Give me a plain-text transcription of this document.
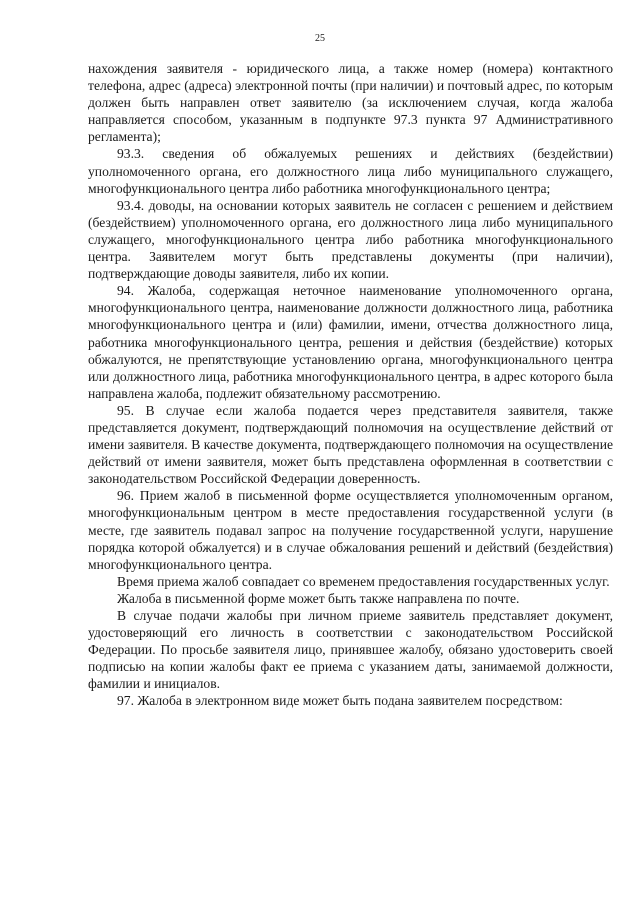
25

нахождения заявителя - юридического лица, а также номер (номера) контактного телефона, адрес (адреса) электронной почты (при наличии) и почтовый адрес, по которым должен быть направлен ответ заявителю (за исключением случая, когда жалоба направляется способом, указанным в подпункте 97.3 пункта 97 Административного регламента);

93.3. сведения об обжалуемых решениях и действиях (бездействии) уполномоченного органа, его должностного лица либо муниципального служащего, многофункционального центра либо работника многофункционального центра;

93.4. доводы, на основании которых заявитель не согласен с решением и действием (бездействием) уполномоченного органа, его должностного лица либо муниципального служащего, многофункционального центра либо работника многофункционального центра. Заявителем могут быть представлены документы (при наличии), подтверждающие доводы заявителя, либо их копии.

94. Жалоба, содержащая неточное наименование уполномоченного органа, многофункционального центра, наименование должности должностного лица, работника многофункционального центра и (или) фамилии, имени, отчества должностного лица, работника многофункционального центра, решения и действия (бездействие) которых обжалуются, не препятствующие установлению органа, многофункционального центра или должностного лица, работника многофункционального центра, в адрес которого была направлена жалоба, подлежит обязательному рассмотрению.

95. В случае если жалоба подается через представителя заявителя, также представляется документ, подтверждающий полномочия на осуществление действий от имени заявителя. В качестве документа, подтверждающего полномочия на осуществление действий от имени заявителя, может быть представлена оформленная в соответствии с законодательством Российской Федерации доверенность.

96. Прием жалоб в письменной форме осуществляется уполномоченным органом, многофункциональным центром в месте предоставления государственной услуги (в месте, где заявитель подавал запрос на получение государственной услуги, нарушение порядка которой обжалуется) и в случае обжалования решений и действий (бездействия) многофункционального центра.

Время приема жалоб совпадает со временем предоставления государственных услуг.

Жалоба в письменной форме может быть также направлена по почте.

В случае подачи жалобы при личном приеме заявитель представляет документ, удостоверяющий его личность в соответствии с законодательством Российской Федерации. По просьбе заявителя лицо, принявшее жалобу, обязано удостоверить своей подписью на копии жалобы факт ее приема с указанием даты, занимаемой должности, фамилии и инициалов.

97. Жалоба в электронном виде может быть подана заявителем посредством:
